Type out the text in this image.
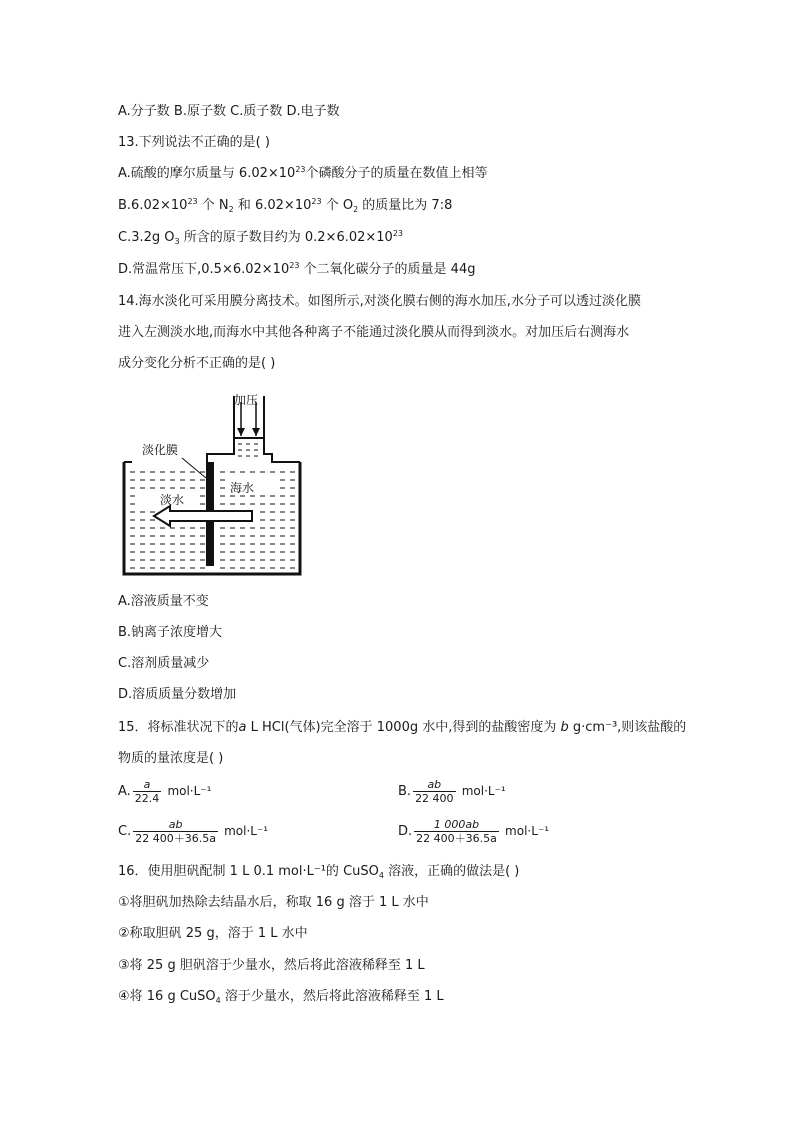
A.分子数 B.原子数 C.质子数 D.电子数
13.下列说法不正确的是( )
A.硫酸的摩尔质量与 $6.02\times 10^{23}$个磷酸分子的质量在数值上相等
$B.6.02\times 10^{23}$ 个 $N_2$ 和 $6.02\times 10^{23}$ 个 $O_2$ 的质量比为 7:8
C.3.2g $O_3$ 所含的原子数目约为 $0.2\times 6.02\times 10^{23}$
D.常温常压下$,0.5\times 6.02\times 10^{23}$ 个二氧化碳分子的质量是 44g
14.海水淡化可采用膜分离技术。如图所示,对淡化膜右侧的海水加压,水分子可以透过淡化膜
进入左测淡水地,而海水中其他各种离子不能通过淡化膜从而得到淡水。对加压后右测海水
成分变化分析不正确的是( )
淡化膜
加压
淡水
海水
A.溶液质量不变
B.钠离子浓度增大
C.溶剂质量减少
D.溶质质量分数增加
15．将标准状况下的a L HCl(气体)完全溶于 1000g 水中,得到的盐酸密度为 b g·cm⁻³,则该盐酸的
物质的量浓度是( )
A. $\frac{a}{22.4} mol\cdot L^{-1}$	B. $\frac{ab}{22 400} mol\cdot L^{-1}$
C. $\frac{ab}{22 400+36.5a} mol\cdot L^{-1}$	D. $\frac{1 000ab}{22 400+36.5a} mol\cdot L^{-1}$
16．使用胆矾配制 1 L 0.1 mol·L⁻¹的 CuSO$_4$ 溶液，正确的做法是( )
①将胆矾加热除去结晶水后，称取 16 g 溶于 1 L 水中
②称取胆矾 25 g，溶于 1 L 水中
③将 25 g 胆矾溶于少量水，然后将此溶液稀释至 1 L
④将 16 g CuSO$_4$ 溶于少量水，然后将此溶液稀释至 1 L
